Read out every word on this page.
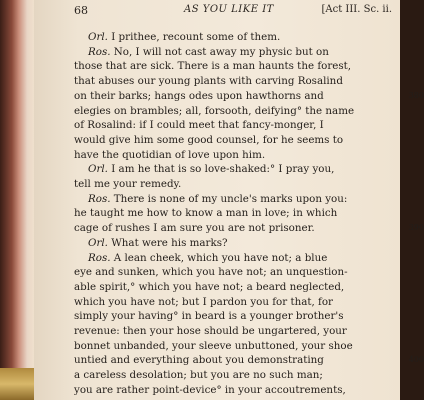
68	AS YOU LIKE IT	[Act III. Sc. ii.
Orl. I prithee, recount some of them.
Ros. No, I will not cast away my physic but on
those that are sick. There is a man haunts the forest,
that abuses our young plants with carving Rosalind
on their barks; hangs odes upon hawthorns and	380
elegies on brambles; all, forsooth, deifying° the name
of Rosalind: if I could meet that fancy-monger, I
would give him some good counsel, for he seems to
have the quotidian of love upon him.
Orl. I am he that is so love-shaked:° I pray you,
tell me your remedy.
Ros. There is none of my uncle's marks upon you:
he taught me how to know a man in love; in which
cage of rushes I am sure you are not prisoner.	390
Orl. What were his marks?
Ros. A lean cheek, which you have not; a blue
eye and sunken, which you have not; an unquestion-
able spirit,° which you have not; a beard neglected,
which you have not; but I pardon you for that, for
simply your having° in beard is a younger brother's
revenue: then your hose should be ungartered, your
bonnet unbanded, your sleeve unbuttoned, your shoe
untied and everything about you demonstrating	400
a careless desolation; but you are no such man;
you are rather point-device° in your accoutrements,
